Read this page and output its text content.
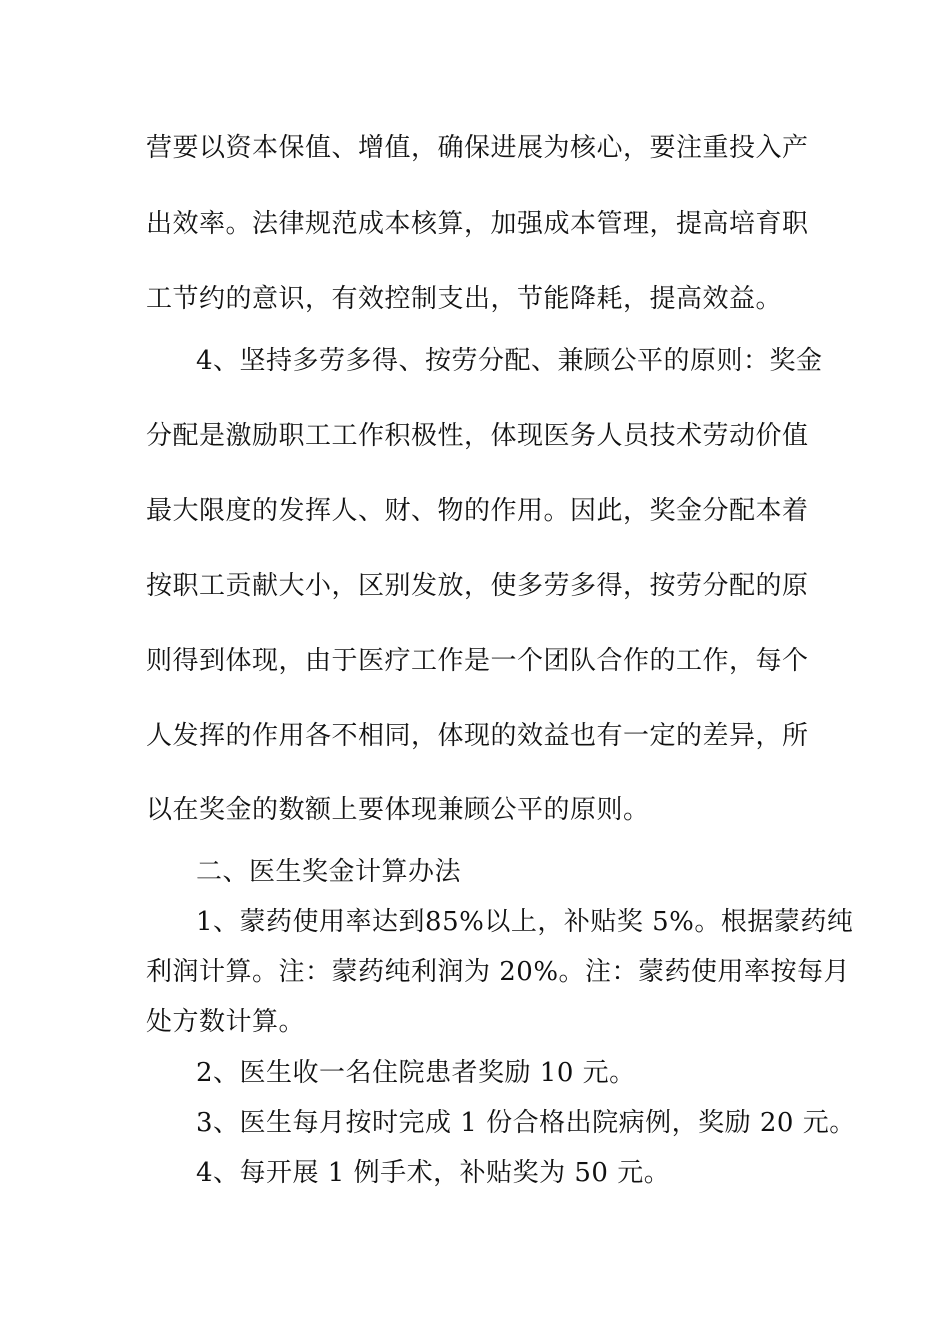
营要以资本保值、增值，确保进展为核心，要注重投入产
出效率。法律规范成本核算，加强成本管理，提高培育职
工节约的意识，有效控制支出，节能降耗，提高效益。
4、坚持多劳多得、按劳分配、兼顾公平的原则：奖金
分配是激励职工工作积极性，体现医务人员技术劳动价值
最大限度的发挥人、财、物的作用。因此，奖金分配本着
按职工贡献大小，区别发放，使多劳多得，按劳分配的原
则得到体现，由于医疗工作是一个团队合作的工作，每个
人发挥的作用各不相同，体现的效益也有一定的差异，所
以在奖金的数额上要体现兼顾公平的原则。
二、医生奖金计算办法
1、蒙药使用率达到85%以上，补贴奖 5%。根据蒙药纯
利润计算。注：蒙药纯利润为 20%。注：蒙药使用率按每月
处方数计算。
2、医生收一名住院患者奖励 10 元。
3、医生每月按时完成 1 份合格出院病例，奖励 20 元。
4、每开展 1 例手术，补贴奖为 50 元。
